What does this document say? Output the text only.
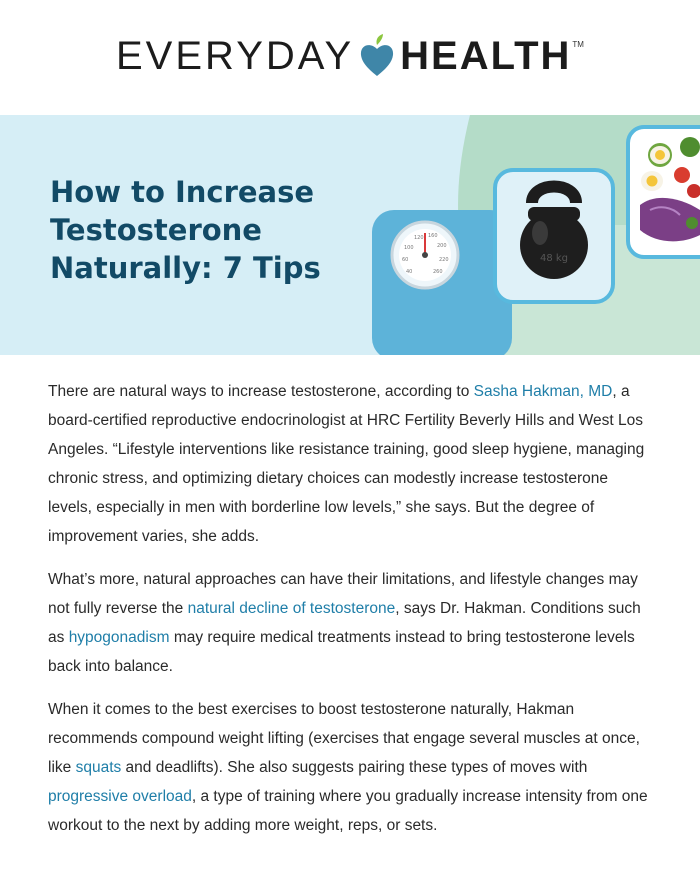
EVERYDAY HEALTH TM
120 160
100	200
60	220
40	260
48 kg
How to Increase Testosterone Naturally: 7 Tips

There are natural ways to increase testosterone, according to Sasha Hakman, MD, a board-certified reproductive endocrinologist at HRC Fertility Beverly Hills and West Los Angeles. “Lifestyle interventions like resistance training, good sleep hygiene, managing chronic stress, and optimizing dietary choices can modestly increase testosterone levels, especially in men with borderline low levels,” she says. But the degree of improvement varies, she adds.

What’s more, natural approaches can have their limitations, and lifestyle changes may not fully reverse the natural decline of testosterone, says Dr. Hakman. Conditions such as hypogonadism may require medical treatments instead to bring testosterone levels back into balance.

When it comes to the best exercises to boost testosterone naturally, Hakman recommends compound weight lifting (exercises that engage several muscles at once, like squats and deadlifts). She also suggests pairing these types of moves with progressive overload, a type of training where you gradually increase intensity from one workout to the next by adding more weight, reps, or sets.
